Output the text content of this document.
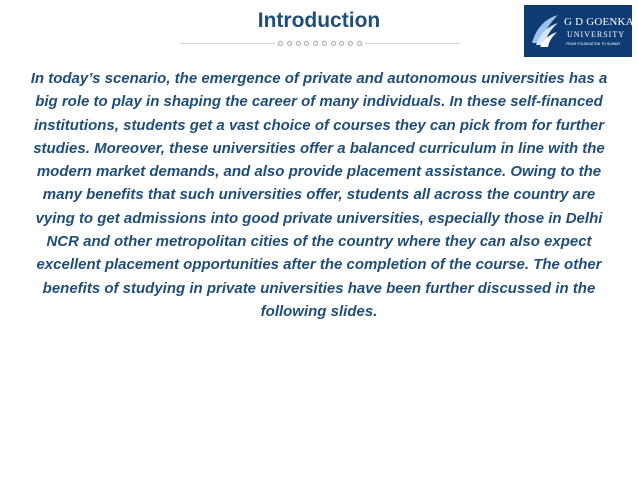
Introduction	G D GOENKA
UNIVERSITY
FROM FOUNDATION TO SUMMIT

In today’s scenario, the emergence of private and autonomous universities has a big role to play in shaping the career of many individuals. In these self-financed institutions, students get a vast choice of courses they can pick from for further studies. Moreover, these universities offer a balanced curriculum in line with the modern market demands, and also provide placement assistance. Owing to the many benefits that such universities offer, students all across the country are vying to get admissions into good private universities, especially those in Delhi NCR and other metropolitan cities of the country where they can also expect excellent placement opportunities after the completion of the course. The other benefits of studying in private universities have been further discussed in the following slides.
